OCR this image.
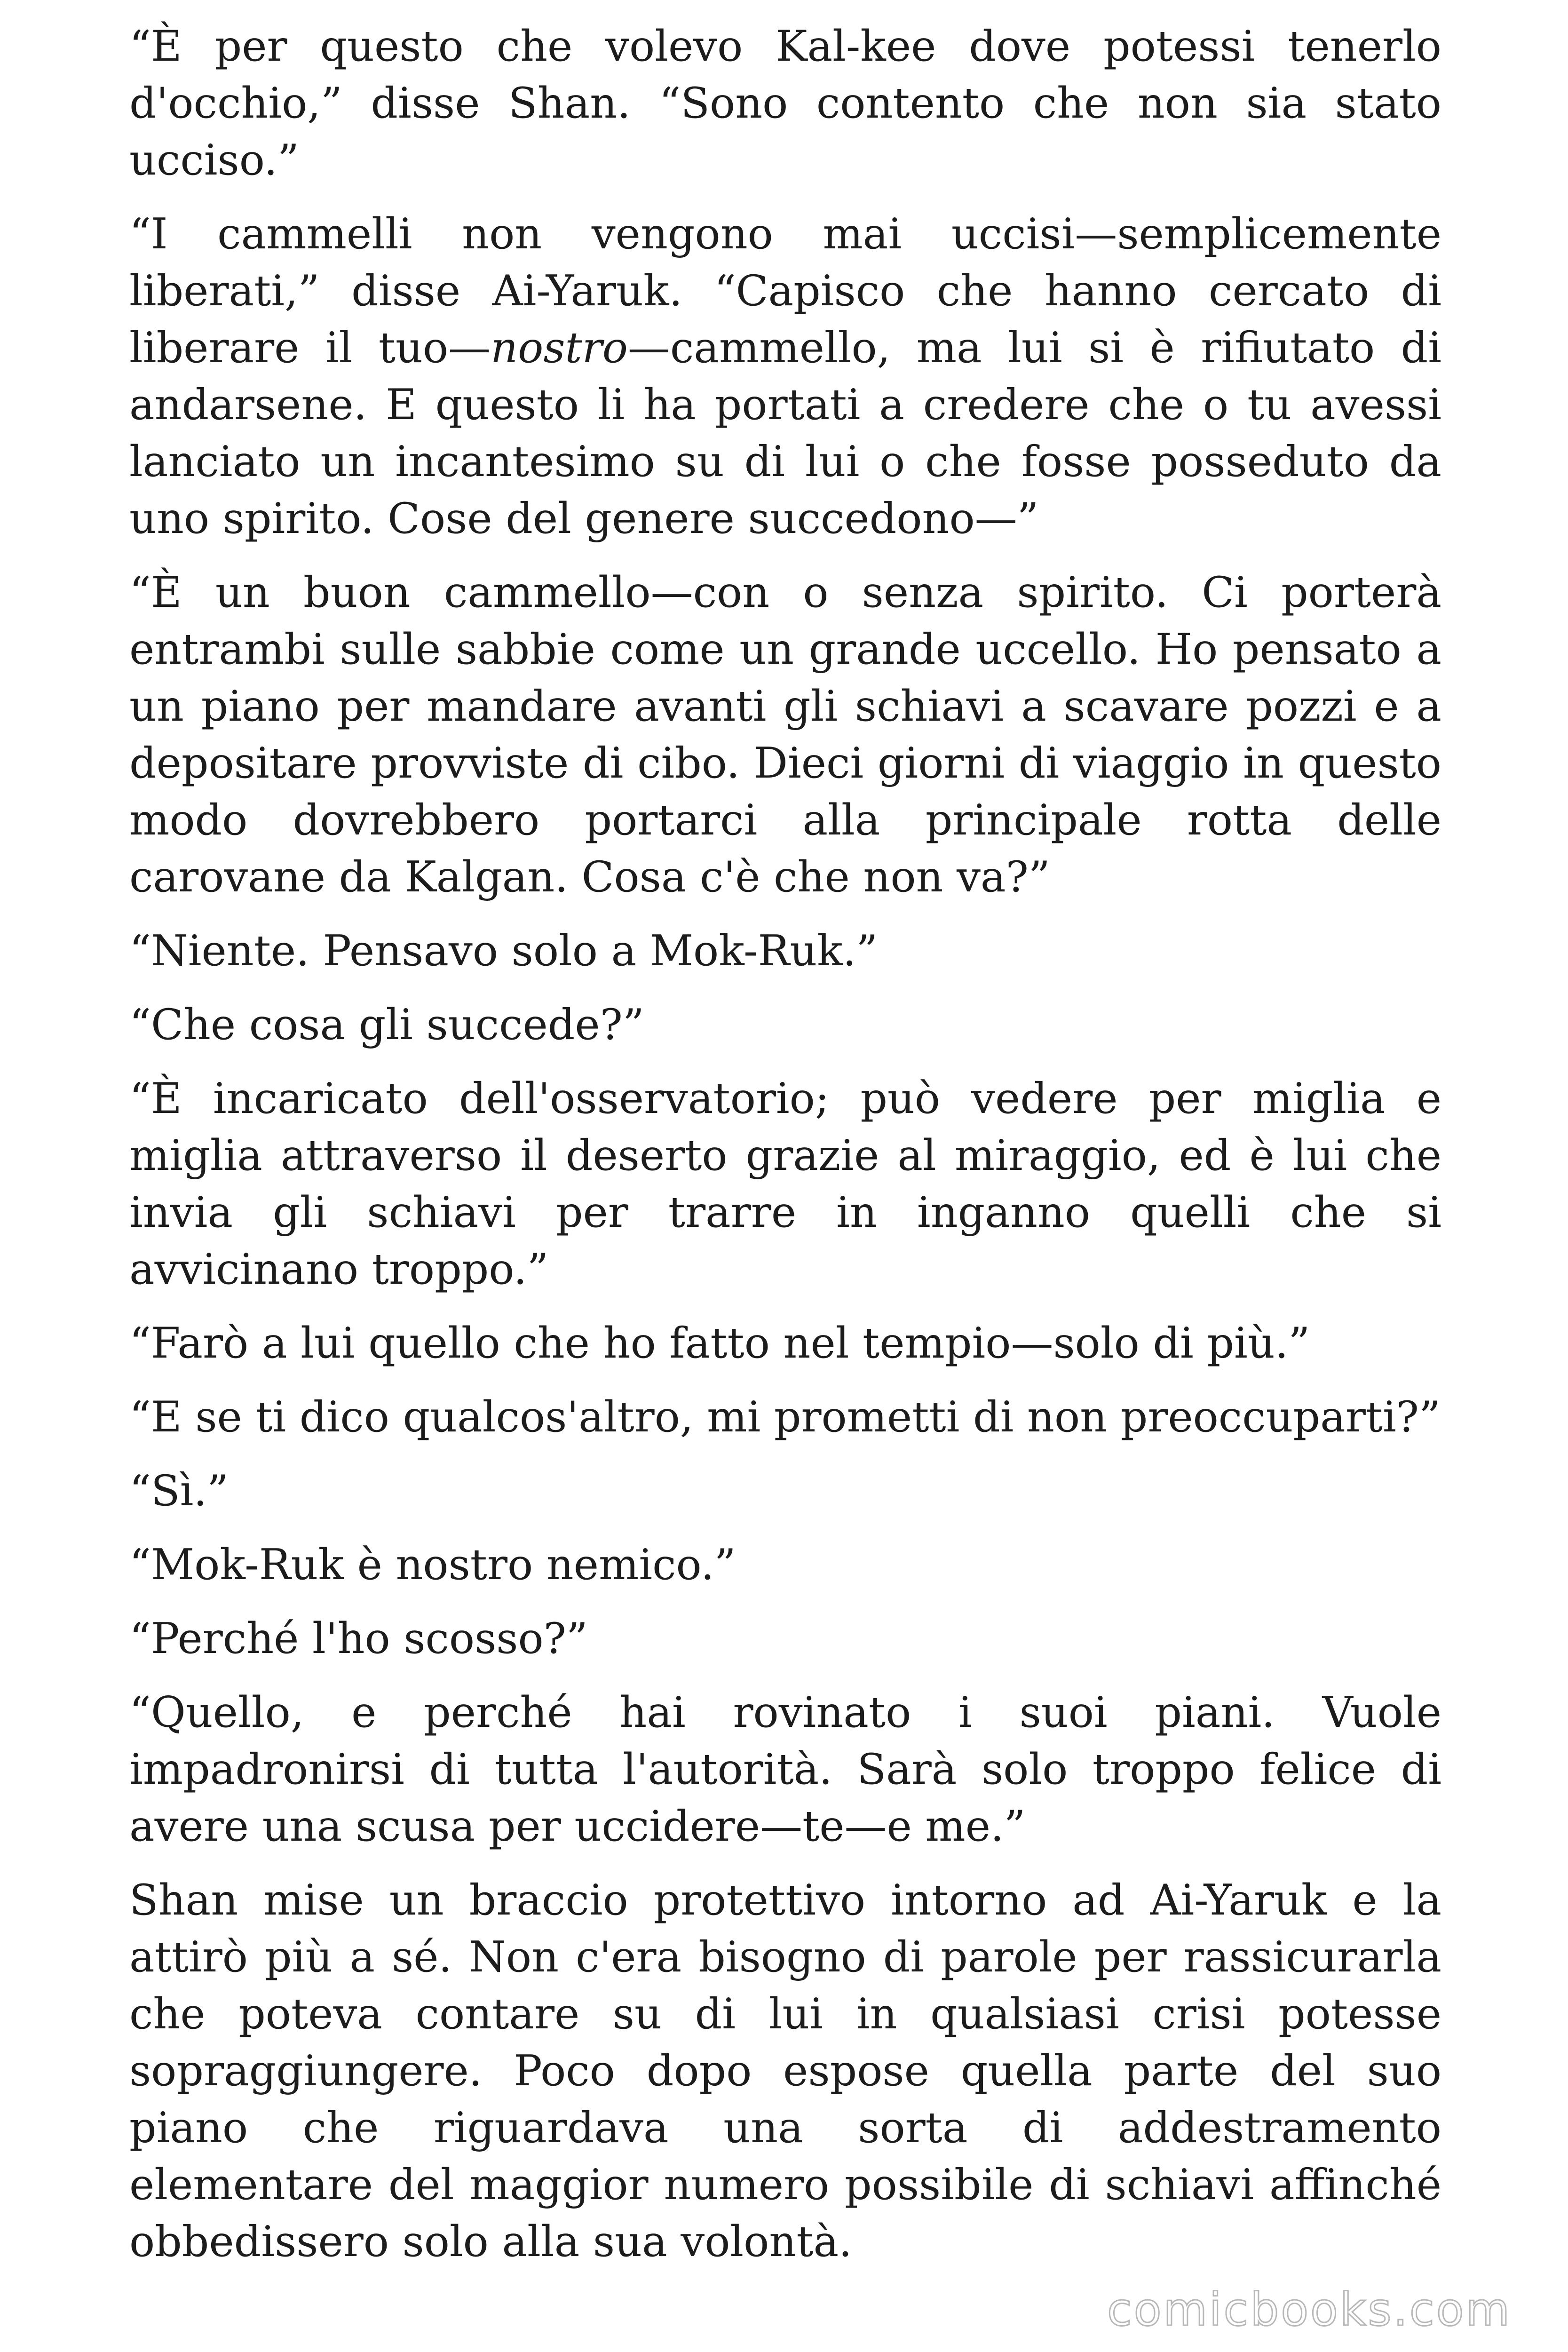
“È per questo che volevo Kal-kee dove potessi tenerlo d'occhio,” disse Shan. “Sono contento che non sia stato ucciso.”

“I cammelli non vengono mai uccisi—semplicemente liberati,” disse Ai-Yaruk. “Capisco che hanno cercato di liberare il tuo—nostro—cammello, ma lui si è rifiutato di andarsene. E questo li ha portati a credere che o tu avessi lanciato un incantesimo su di lui o che fosse posseduto da uno spirito. Cose del genere succedono—”

“È un buon cammello—con o senza spirito. Ci porterà entrambi sulle sabbie come un grande uccello. Ho pensato a un piano per mandare avanti gli schiavi a scavare pozzi e a depositare provviste di cibo. Dieci giorni di viaggio in questo modo dovrebbero portarci alla principale rotta delle carovane da Kalgan. Cosa c'è che non va?”

“Niente. Pensavo solo a Mok-Ruk.”

“Che cosa gli succede?”

“È incaricato dell'osservatorio; può vedere per miglia e miglia attraverso il deserto grazie al miraggio, ed è lui che invia gli schiavi per trarre in inganno quelli che si avvicinano troppo.”

“Farò a lui quello che ho fatto nel tempio—solo di più.”

“E se ti dico qualcos'altro, mi prometti di non preoccuparti?”

“Sì.”

“Mok-Ruk è nostro nemico.”

“Perché l'ho scosso?”

“Quello, e perché hai rovinato i suoi piani. Vuole impadronirsi di tutta l'autorità. Sarà solo troppo felice di avere una scusa per uccidere—te—e me.”

Shan mise un braccio protettivo intorno ad Ai-Yaruk e la attirò più a sé. Non c'era bisogno di parole per rassicurarla che poteva contare su di lui in qualsiasi crisi potesse sopraggiungere. Poco dopo espose quella parte del suo piano che riguardava una sorta di addestramento elementare del maggior numero possibile di schiavi affinché obbedissero solo alla sua volontà.

comicbooks.com
